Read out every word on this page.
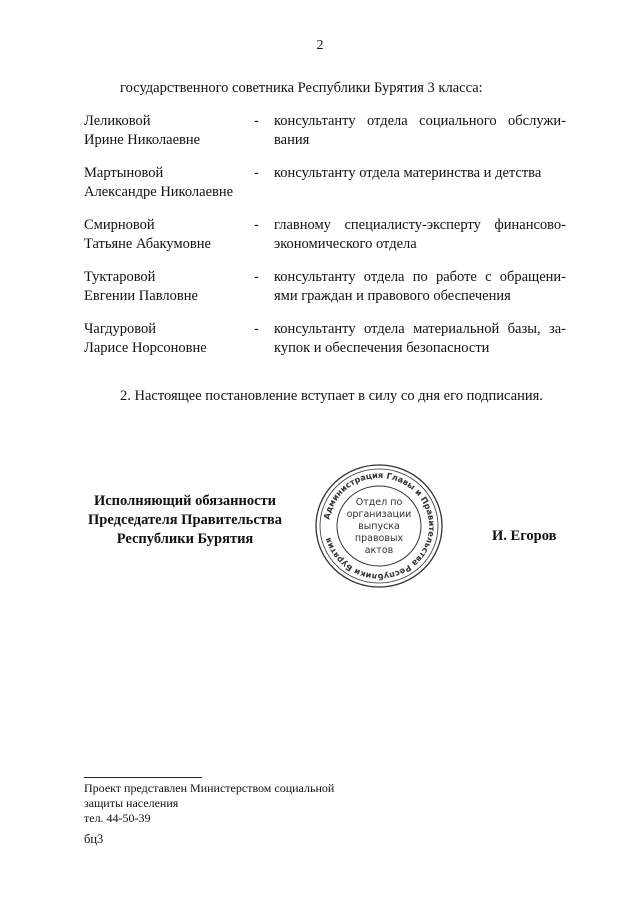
2
государственного советника Республики Бурятия 3 класса:
Леликовой
Ирине Николаевне
- консультанту отдела социального обслужи-вания
Мартыновой
Александре Николаевне
- консультанту отдела материнства и детства
Смирновой
Татьяне Абакумовне
- главному специалисту-эксперту финансово-экономического отдела
Туктаровой
Евгении Павловне
- консультанту отдела по работе с обращени-ями граждан и правового обеспечения
Чагдуровой
Ларисе Норсоновне
- консультанту отдела материальной базы, за-купок и обеспечения безопасности
2. Настоящее постановление вступает в силу со дня его подписания.
Исполняющий обязанности
Председателя Правительства
Республики Бурятия
Администрация Главы и Правительства Республики Бурятия
Отдел по
организации
выпуска
правовых
актов
И. Егоров
Проект представлен Министерством социальной
защиты населения
тел. 44-50-39
бц3
